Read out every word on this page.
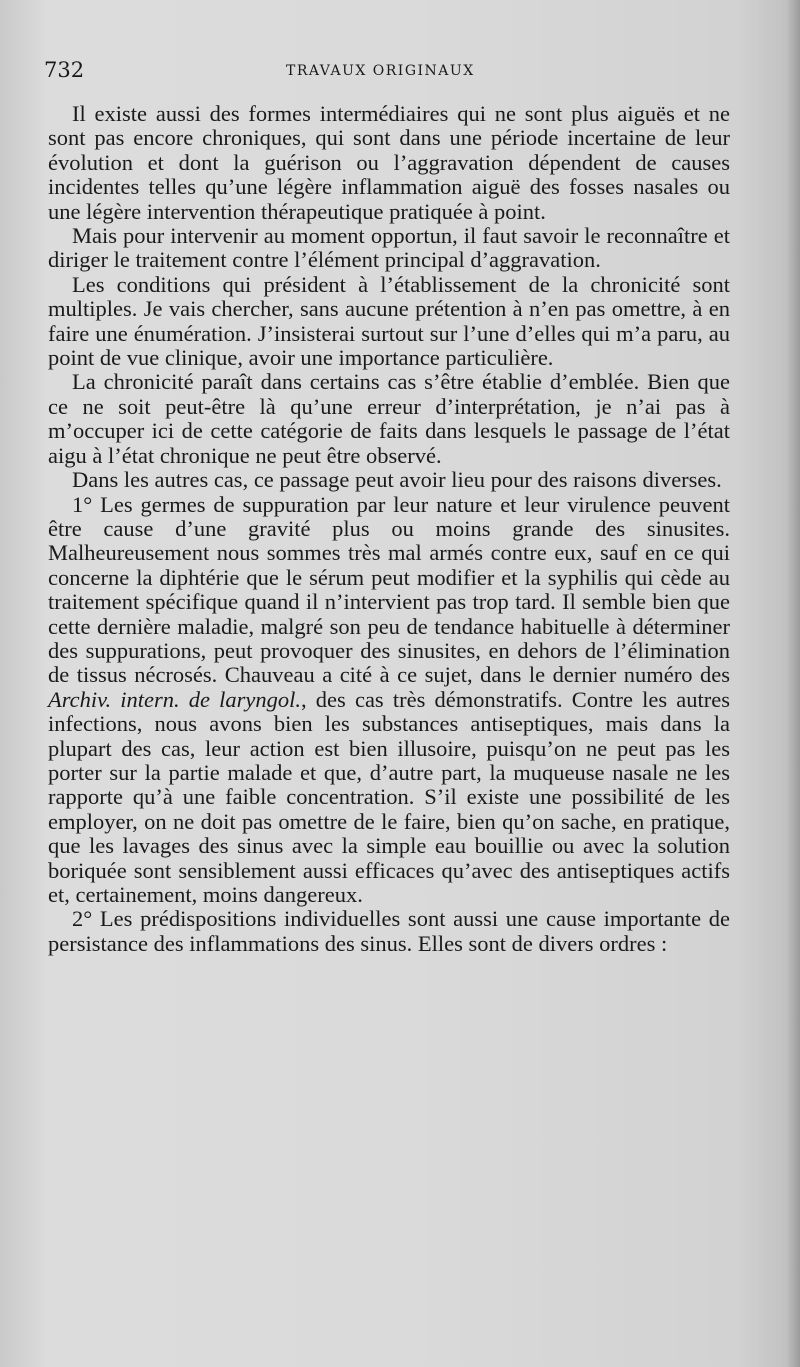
732	TRAVAUX ORIGINAUX

Il existe aussi des formes intermédiaires qui ne sont plus aiguës et ne sont pas encore chroniques, qui sont dans une période incertaine de leur évolution et dont la guérison ou l’aggravation dépendent de causes incidentes telles qu’une légère inflammation aiguë des fosses nasales ou une légère intervention thérapeutique pratiquée à point.

Mais pour intervenir au moment opportun, il faut savoir le reconnaître et diriger le traitement contre l’élément principal d’aggravation.

Les conditions qui président à l’établissement de la chronicité sont multiples. Je vais chercher, sans aucune prétention à n’en pas omettre, à en faire une énumération. J’insisterai surtout sur l’une d’elles qui m’a paru, au point de vue clinique, avoir une importance particulière.

La chronicité paraît dans certains cas s’être établie d’emblée. Bien que ce ne soit peut-être là qu’une erreur d’interprétation, je n’ai pas à m’occuper ici de cette catégorie de faits dans lesquels le passage de l’état aigu à l’état chronique ne peut être observé.

Dans les autres cas, ce passage peut avoir lieu pour des raisons diverses.

1° Les germes de suppuration par leur nature et leur virulence peuvent être cause d’une gravité plus ou moins grande des sinusites. Malheureusement nous sommes très mal armés contre eux, sauf en ce qui concerne la diphtérie que le sérum peut modifier et la syphilis qui cède au traitement spécifique quand il n’intervient pas trop tard. Il semble bien que cette dernière maladie, malgré son peu de tendance habituelle à déterminer des suppurations, peut provoquer des sinusites, en dehors de l’élimination de tissus nécrosés. Chauveau a cité à ce sujet, dans le dernier numéro des Archiv. intern. de laryngol., des cas très démonstratifs. Contre les autres infections, nous avons bien les substances antiseptiques, mais dans la plupart des cas, leur action est bien illusoire, puisqu’on ne peut pas les porter sur la partie malade et que, d’autre part, la muqueuse nasale ne les rapporte qu’à une faible concentration. S’il existe une possibilité de les employer, on ne doit pas omettre de le faire, bien qu’on sache, en pratique, que les lavages des sinus avec la simple eau bouillie ou avec la solution boriquée sont sensiblement aussi efficaces qu’avec des antiseptiques actifs et, certainement, moins dangereux.

2° Les prédispositions individuelles sont aussi une cause importante de persistance des inflammations des sinus. Elles sont de divers ordres :
